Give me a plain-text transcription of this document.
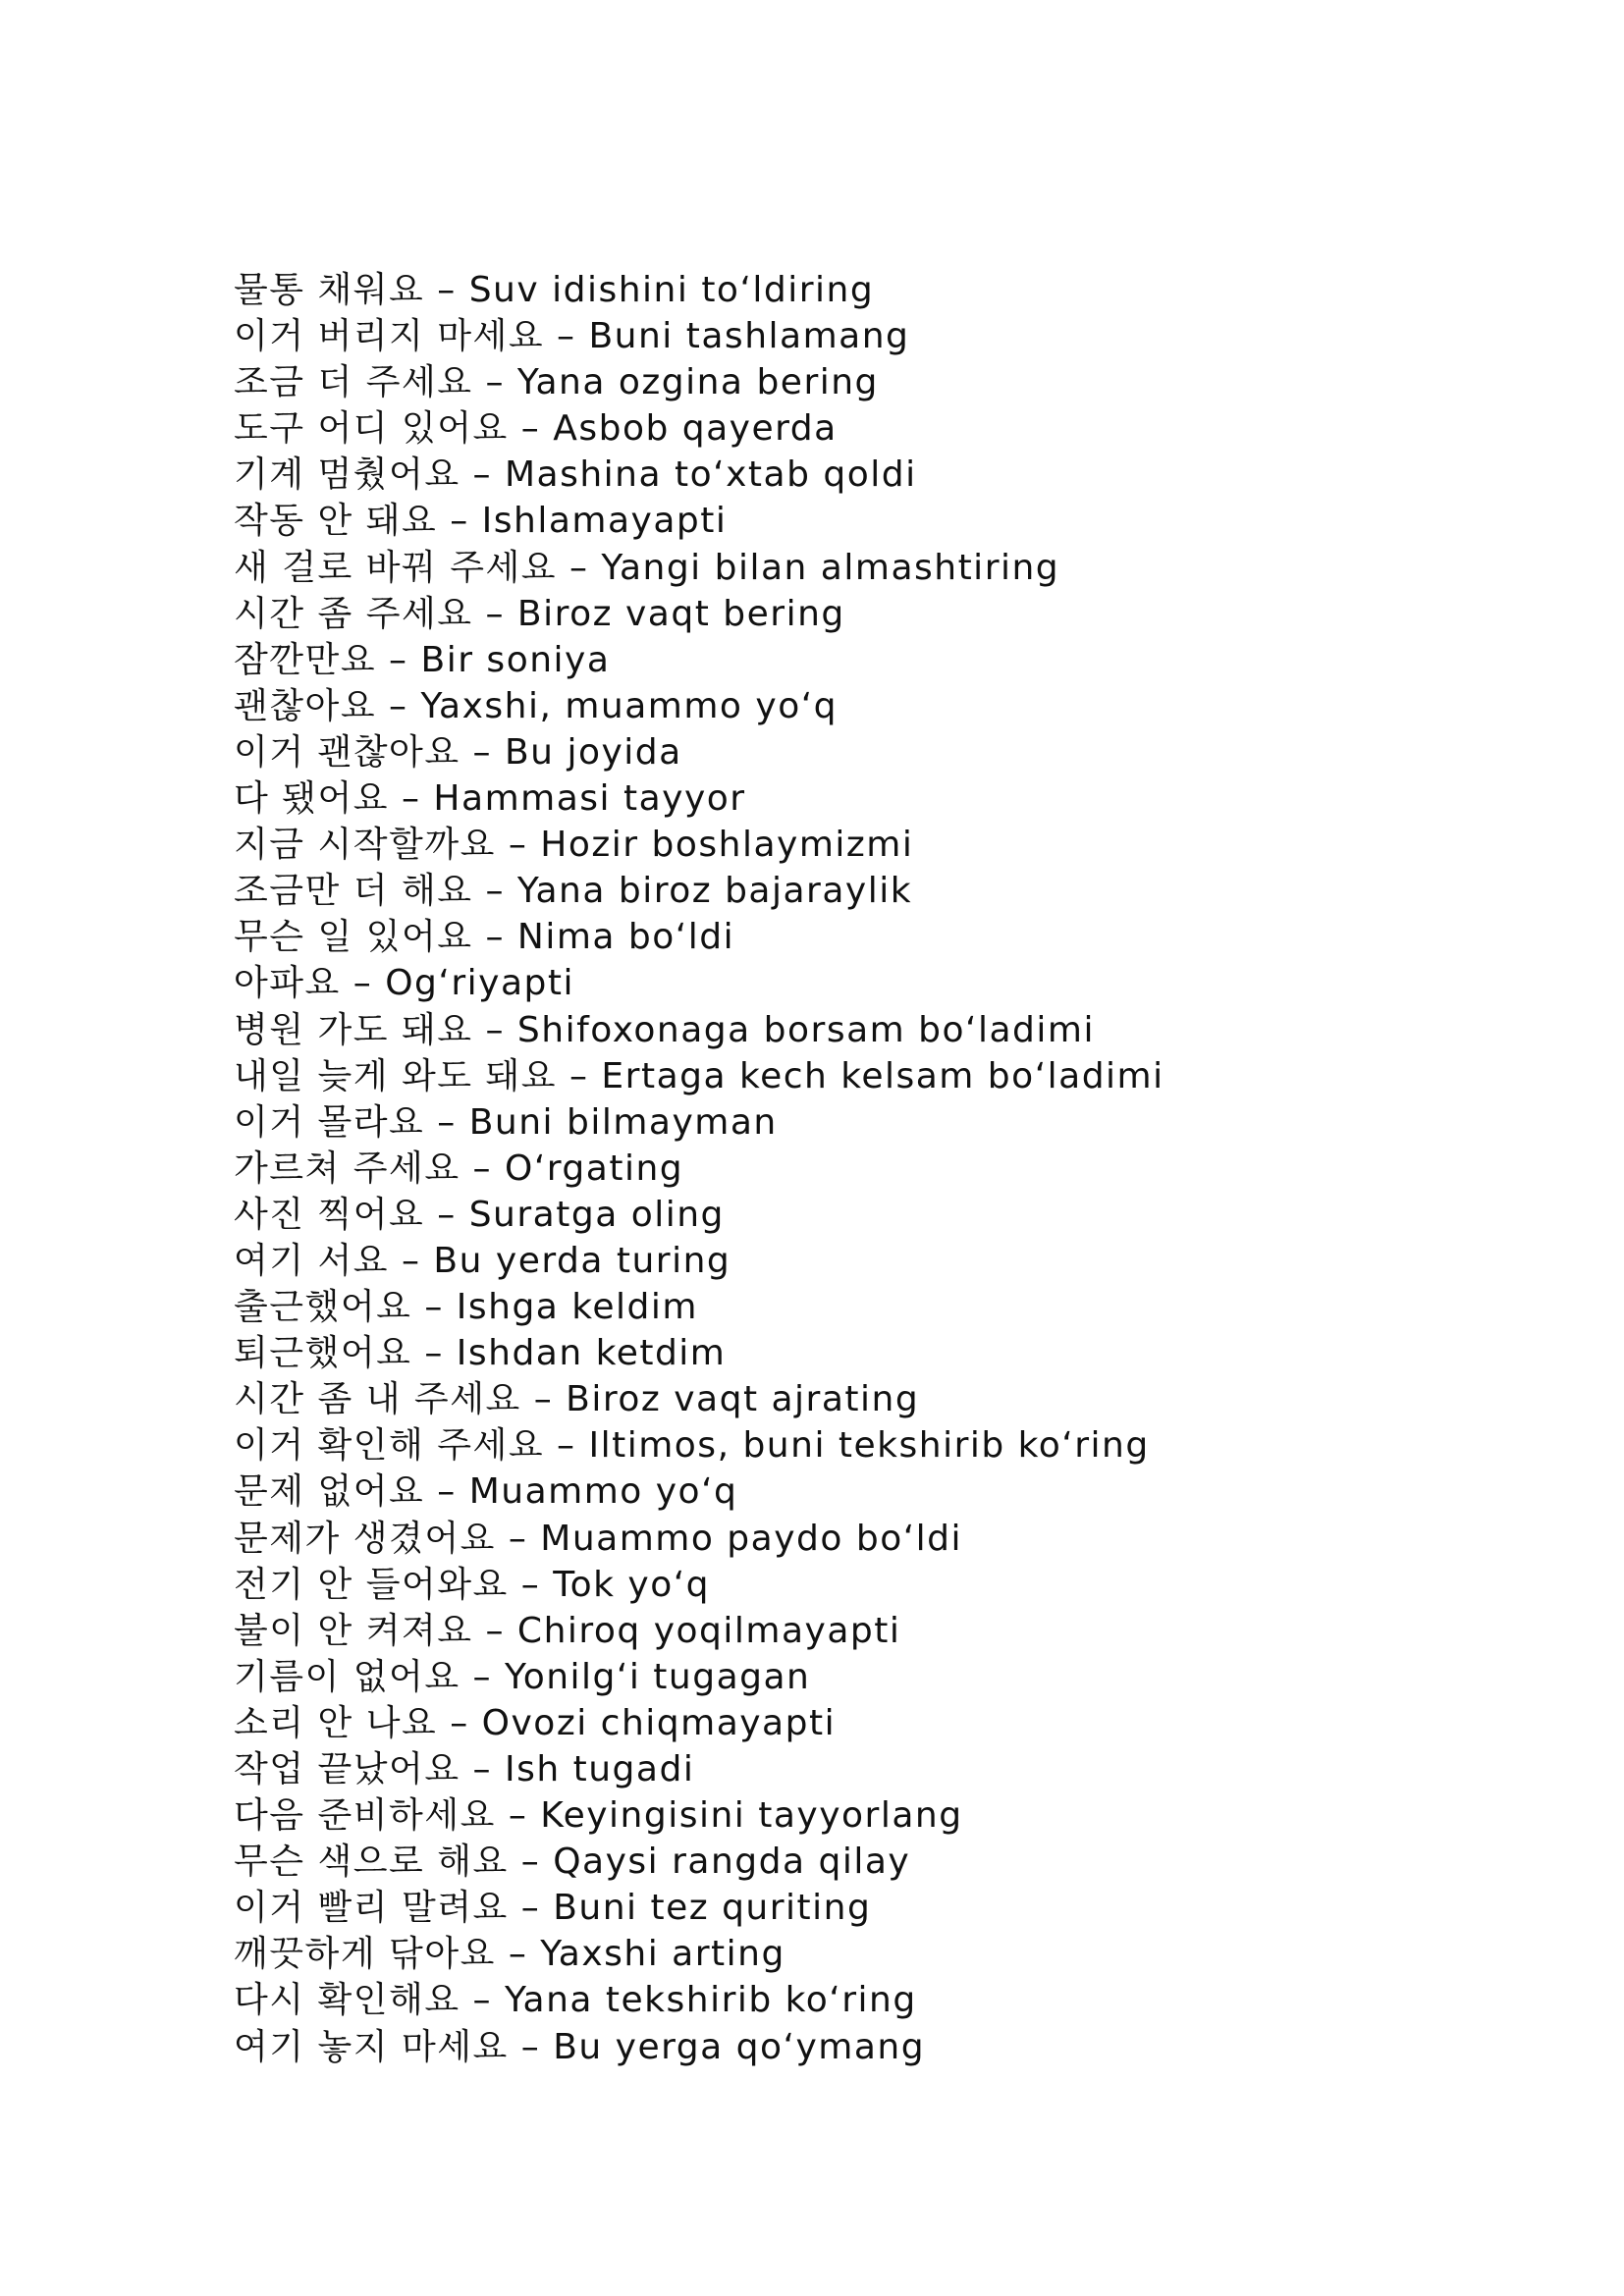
물통 채워요 – Suv idishini to‘ldiring
이거 버리지 마세요 – Buni tashlamang
조금 더 주세요 – Yana ozgina bering
도구 어디 있어요 – Asbob qayerda
기계 멈췄어요 – Mashina to‘xtab qoldi
작동 안 돼요 – Ishlamayapti
새 걸로 바꿔 주세요 – Yangi bilan almashtiring
시간 좀 주세요 – Biroz vaqt bering
잠깐만요 – Bir soniya
괜찮아요 – Yaxshi, muammo yo‘q
이거 괜찮아요 – Bu joyida
다 됐어요 – Hammasi tayyor
지금 시작할까요 – Hozir boshlaymizmi
조금만 더 해요 – Yana biroz bajaraylik
무슨 일 있어요 – Nima bo‘ldi
아파요 – Og‘riyapti
병원 가도 돼요 – Shifoxonaga borsam bo‘ladimi
내일 늦게 와도 돼요 – Ertaga kech kelsam bo‘ladimi
이거 몰라요 – Buni bilmayman
가르쳐 주세요 – O‘rgating
사진 찍어요 – Suratga oling
여기 서요 – Bu yerda turing
출근했어요 – Ishga keldim
퇴근했어요 – Ishdan ketdim
시간 좀 내 주세요 – Biroz vaqt ajrating
이거 확인해 주세요 – Iltimos, buni tekshirib ko‘ring
문제 없어요 – Muammo yo‘q
문제가 생겼어요 – Muammo paydo bo‘ldi
전기 안 들어와요 – Tok yo‘q
불이 안 켜져요 – Chiroq yoqilmayapti
기름이 없어요 – Yonilg‘i tugagan
소리 안 나요 – Ovozi chiqmayapti
작업 끝났어요 – Ish tugadi
다음 준비하세요 – Keyingisini tayyorlang
무슨 색으로 해요 – Qaysi rangda qilay
이거 빨리 말려요 – Buni tez quriting
깨끗하게 닦아요 – Yaxshi arting
다시 확인해요 – Yana tekshirib ko‘ring
여기 놓지 마세요 – Bu yerga qo‘ymang
